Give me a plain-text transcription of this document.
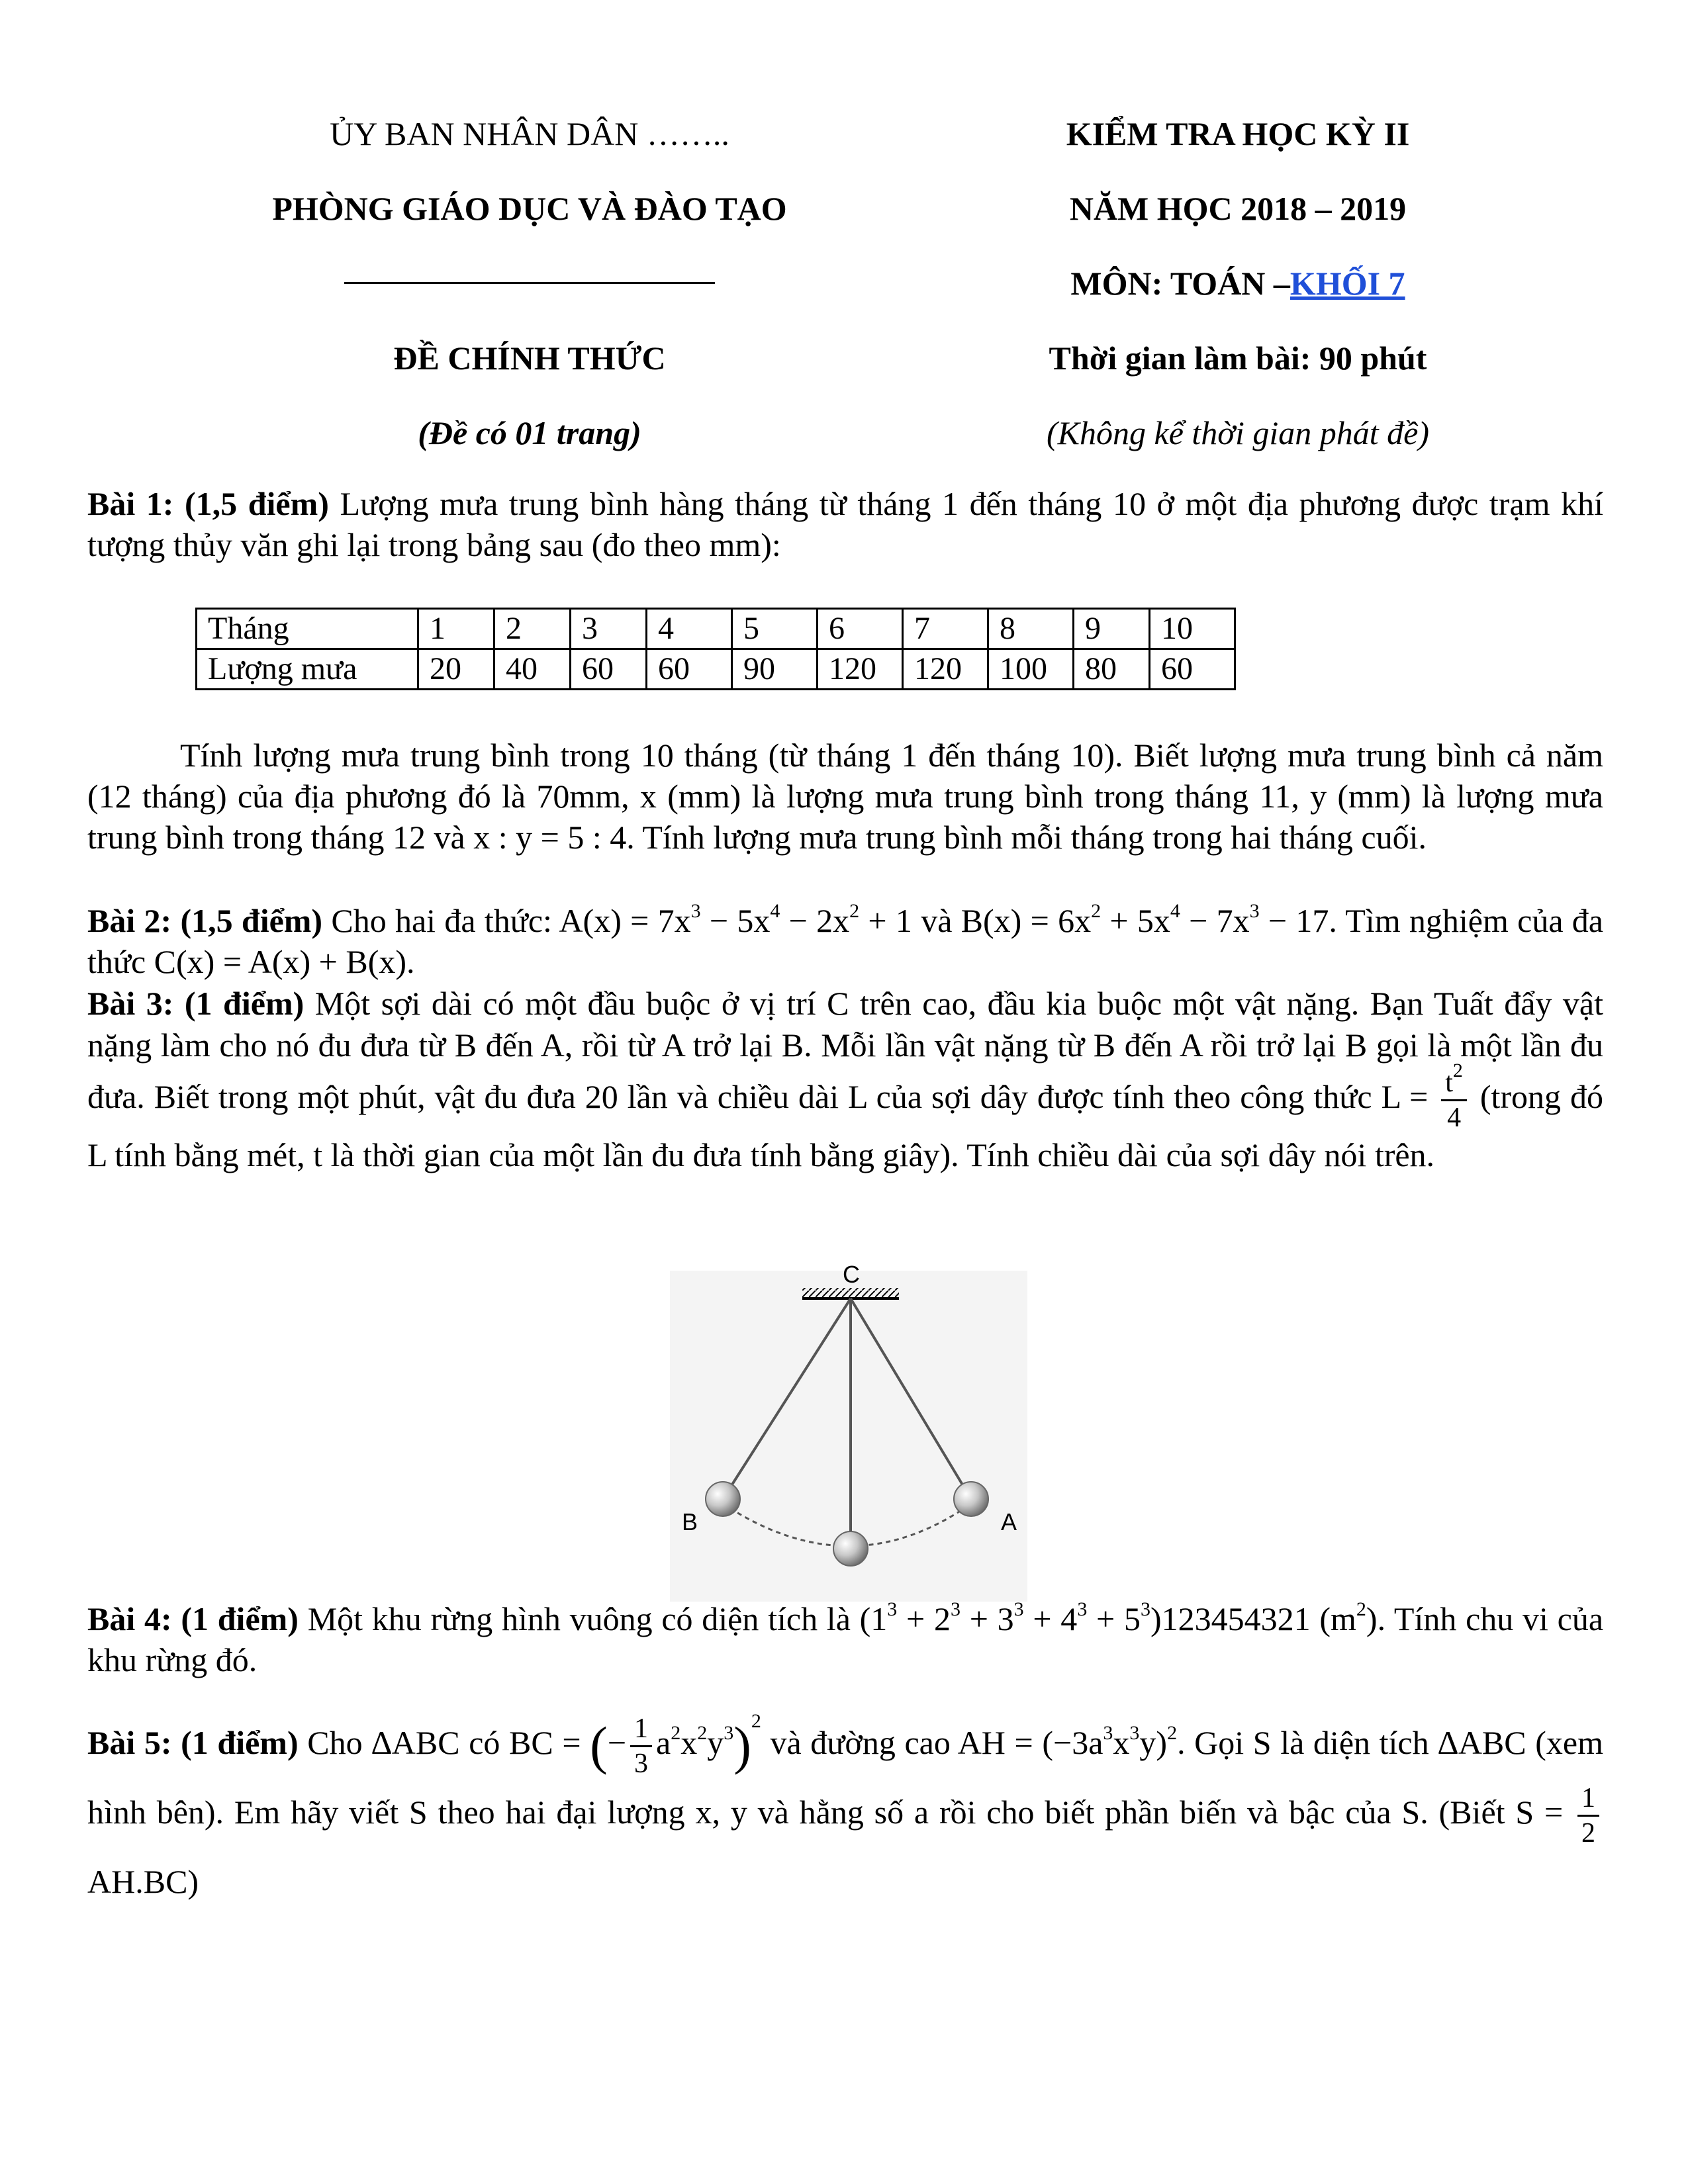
ỦY BAN NHÂN DÂN ……..
PHÒNG GIÁO DỤC VÀ ĐÀO TẠO
ĐỀ CHÍNH THỨC
(Đề có 01 trang)
KIỂM TRA HỌC KỲ II
NĂM HỌC 2018 – 2019
MÔN: TOÁN – KHỐI 7
Thời gian làm bài: 90 phút
(Không kể thời gian phát đề)
Bài 1: (1,5 điểm) Lượng mưa trung bình hàng tháng từ tháng 1 đến tháng 10 ở một địa phương được trạm khí tượng thủy văn ghi lại trong bảng sau (đo theo mm):
Tháng	1	2	3	4	5	6	7	8	9	10
Lượng mưa	20	40	60	60	90	120	120	100	80	60
Tính lượng mưa trung bình trong 10 tháng (từ tháng 1 đến tháng 10). Biết lượng mưa trung bình cả năm (12 tháng) của địa phương đó là 70mm, x (mm) là lượng mưa trung bình trong tháng 11, y (mm) là lượng mưa trung bình trong tháng 12 và x : y = 5 : 4. Tính lượng mưa trung bình mỗi tháng trong hai tháng cuối.
Bài 2: (1,5 điểm) Cho hai đa thức: $A(x) = 7x^3 - 5x^4 - 2x^2 + 1$ và $B(x) = 6x^2 + 5x^4 - 7x^3 - 17$. Tìm nghiệm của đa thức C(x) = A(x) + B(x).
Bài 3: (1 điểm) Một sợi dài có một đầu buộc ở vị trí C trên cao, đầu kia buộc một vật nặng. Bạn Tuất đẩy vật nặng làm cho nó đu đưa từ B đến A, rồi từ A trở lại B. Mỗi lần vật nặng từ B đến A rồi trở lại B gọi là một lần đu đưa. Biết trong một phút, vật đu đưa 20 lần và chiều dài L của sợi dây được tính theo công thức $L = \frac{t^2}{4}$ (trong đó L tính bằng mét, t là thời gian của một lần đu đưa tính bằng giây). Tính chiều dài của sợi dây nói trên.
C
B	A
Bài 4: (1 điểm) Một khu rừng hình vuông có diện tích là $(1^3 + 2^3 + 3^3 + 4^3 + 5^3)123454321$ $(m^2)$. Tính chu vi của khu rừng đó.
Bài 5: (1 điểm) Cho ∆ABC có BC = (− $\frac{1}{3} a^2x^2y^3)^2$ và đường cao AH = $(-3a^3x^3y)^2$. Gọi S là diện tích ∆ABC (xem hình bên). Em hãy viết S theo hai đại lượng x, y và hằng số a rồi cho biết phần biến và bậc của S. (Biết $S = \frac{1}{2}$
AH.BC)
